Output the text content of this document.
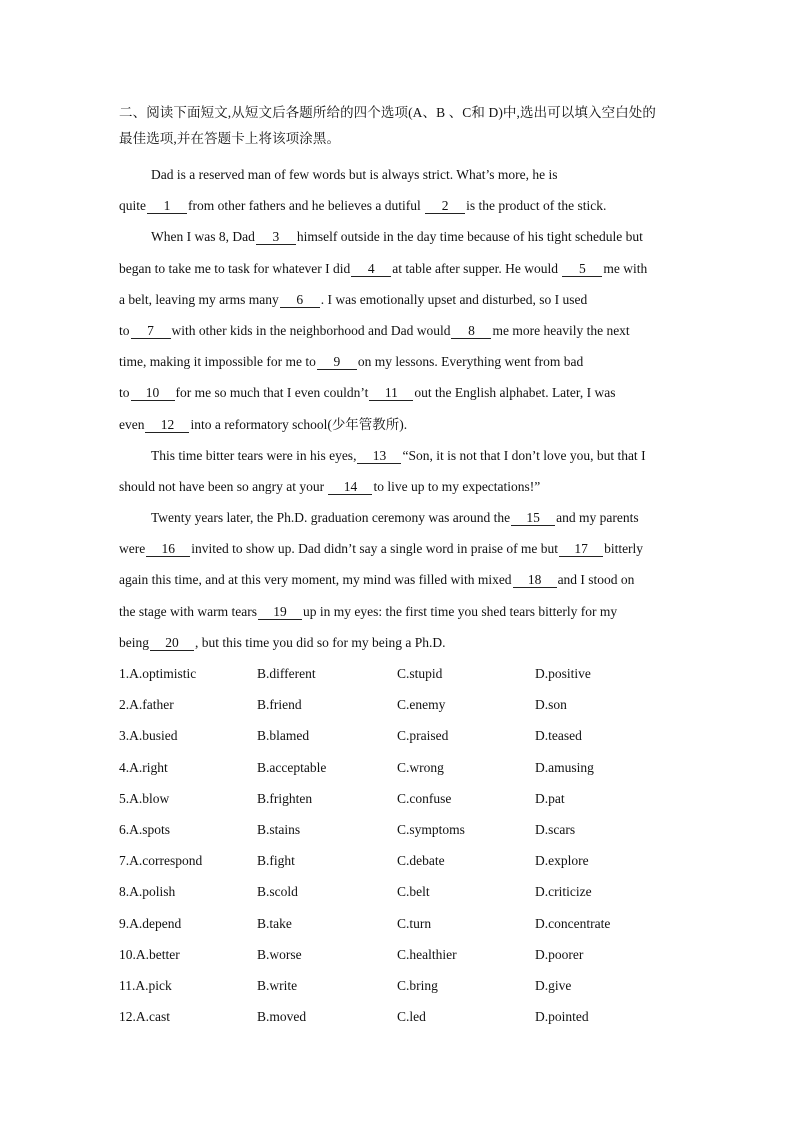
二、阅读下面短文,从短文后各题所给的四个选项(A、B 、C和 D)中,选出可以填入空白处的
最佳选项,并在答题卡上将该项涂黑。
Dad is a reserved man of few words but is always strict. What’s more, he is
quite 1 from other fathers and he believes a dutiful 2 is the product of the stick.
When I was 8, Dad 3 himself outside in the day time because of his tight schedule but
began to take me to task for whatever I did 4 at table after supper. He would 5 me with
a belt, leaving my arms many 6 . I was emotionally upset and disturbed, so I used
to 7 with other kids in the neighborhood and Dad would 8 me more heavily the next
time, making it impossible for me to 9 on my lessons. Everything went from bad
to 10 for me so much that I even couldn’t 11 out the English alphabet. Later, I was
even 12 into a reformatory school(少年管教所).
This time bitter tears were in his eyes, 13 “Son, it is not that I don’t love you, but that I
should not have been so angry at your 14 to live up to my expectations!”
Twenty years later, the Ph.D. graduation ceremony was around the 15 and my parents
were 16 invited to show up. Dad didn’t say a single word in praise of me but 17 bitterly
again this time, and at this very moment, my mind was filled with mixed 18 and I stood on
the stage with warm tears 19 up in my eyes: the first time you shed tears bitterly for my
being 20 , but this time you did so for my being a Ph.D.
1.A.optimistic	B.different	C.stupid	D.positive
2.A.father	B.friend	C.enemy	D.son
3.A.busied	B.blamed	C.praised	D.teased
4.A.right	B.acceptable	C.wrong	D.amusing
5.A.blow	B.frighten	C.confuse	D.pat
6.A.spots	B.stains	C.symptoms	D.scars
7.A.correspond	B.fight	C.debate	D.explore
8.A.polish	B.scold	C.belt	D.criticize
9.A.depend	B.take	C.turn	D.concentrate
10.A.better	B.worse	C.healthier	D.poorer
11.A.pick	B.write	C.bring	D.give
12.A.cast	B.moved	C.led	D.pointed
